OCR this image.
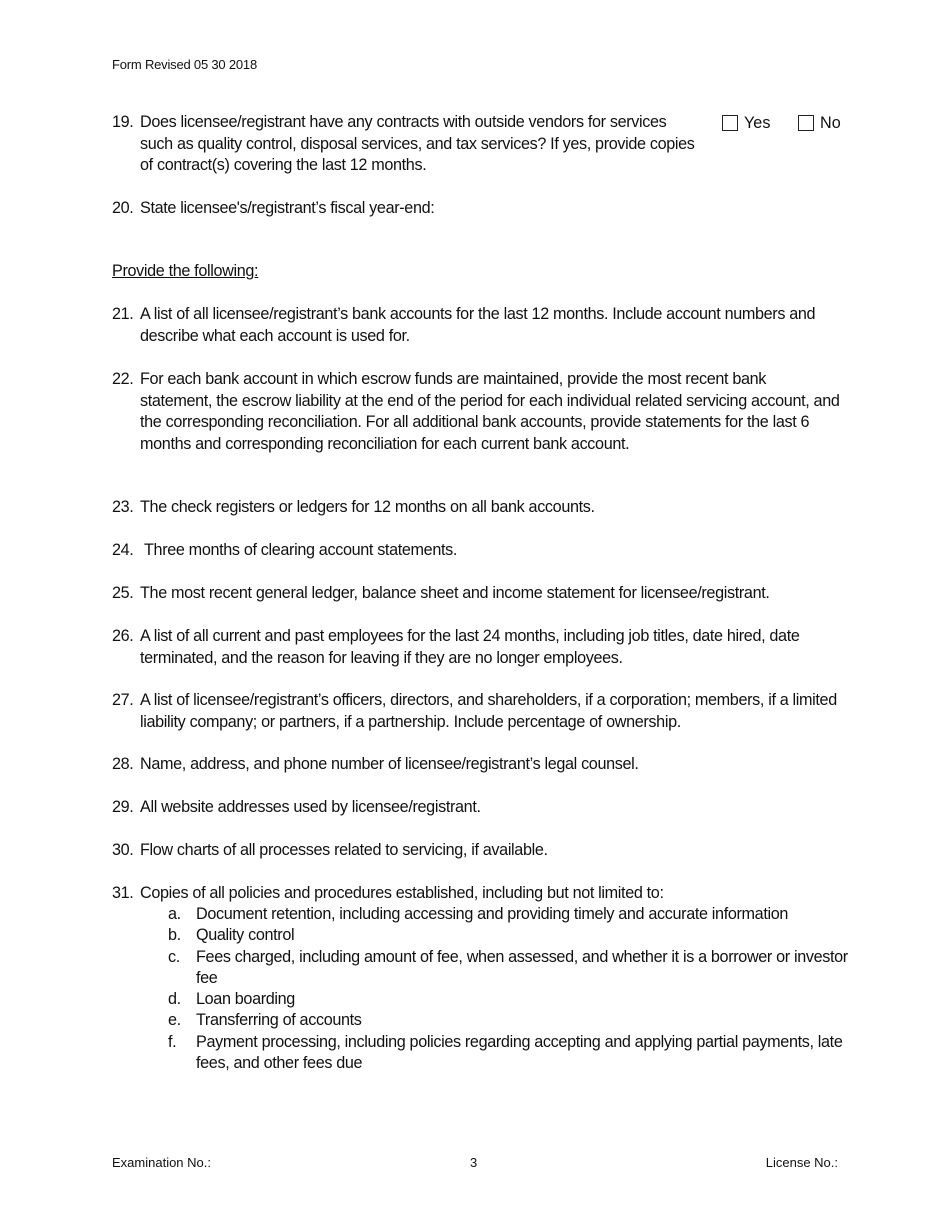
Form Revised 05 30 2018
19. Does licensee/registrant have any contracts with outside vendors for services such as quality control, disposal services, and tax services? If yes, provide copies of contract(s) covering the last 12 months.
Yes	No
20. State licensee's/registrant’s fiscal year-end:
Provide the following:
21. A list of all licensee/registrant’s bank accounts for the last 12 months. Include account numbers and describe what each account is used for.
22. For each bank account in which escrow funds are maintained, provide the most recent bank statement, the escrow liability at the end of the period for each individual related servicing account, and the corresponding reconciliation. For all additional bank accounts, provide statements for the last 6 months and corresponding reconciliation for each current bank account.
23. The check registers or ledgers for 12 months on all bank accounts.
24. Three months of clearing account statements.
25. The most recent general ledger, balance sheet and income statement for licensee/registrant.
26. A list of all current and past employees for the last 24 months, including job titles, date hired, date terminated, and the reason for leaving if they are no longer employees.
27. A list of licensee/registrant’s officers, directors, and shareholders, if a corporation; members, if a limited liability company; or partners, if a partnership. Include percentage of ownership.
28. Name, address, and phone number of licensee/registrant’s legal counsel.
29. All website addresses used by licensee/registrant.
30. Flow charts of all processes related to servicing, if available.
31. Copies of all policies and procedures established, including but not limited to:
a. Document retention, including accessing and providing timely and accurate information
b. Quality control
c. Fees charged, including amount of fee, when assessed, and whether it is a borrower or investor fee
d. Loan boarding
e. Transferring of accounts
f. Payment processing, including policies regarding accepting and applying partial payments, late fees, and other fees due
Examination No.:	3	License No.:
